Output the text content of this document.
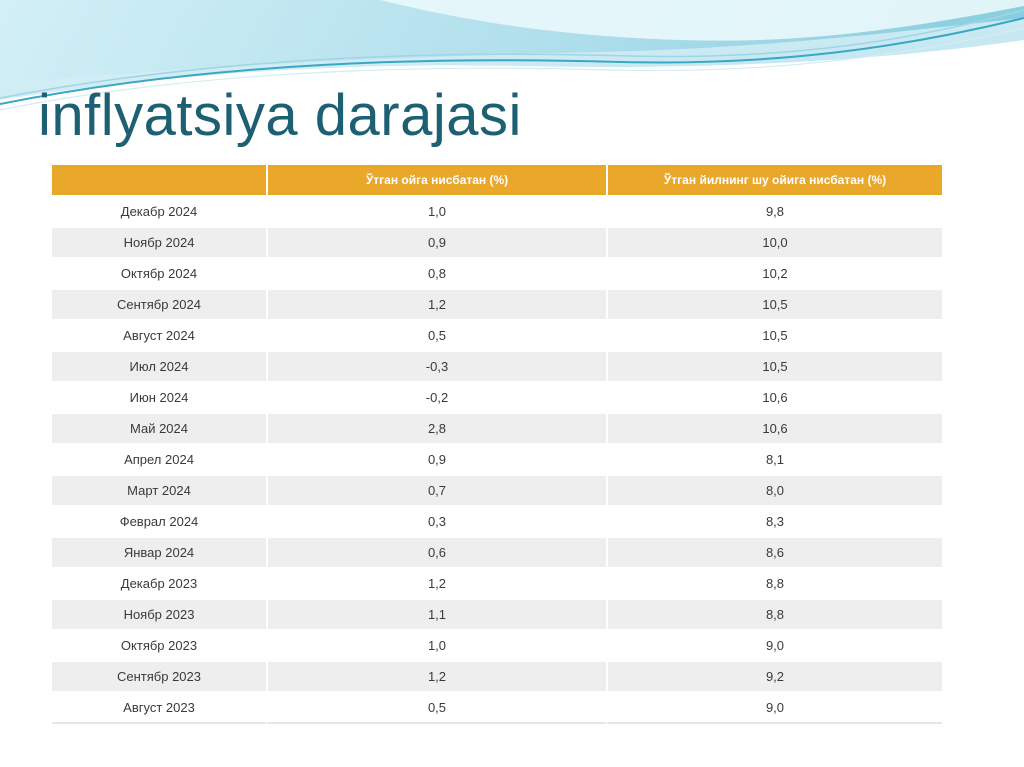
inflyatsiya darajasi
	Ўтган ойга нисбатан (%)	Ўтган йилнинг шу ойига нисбатан (%)
Декабр 2024	1,0	9,8
Ноябр 2024	0,9	10,0
Октябр 2024	0,8	10,2
Сентябр 2024	1,2	10,5
Август 2024	0,5	10,5
Июл 2024	-0,3	10,5
Июн 2024	-0,2	10,6
Май 2024	2,8	10,6
Апрел 2024	0,9	8,1
Март 2024	0,7	8,0
Феврал 2024	0,3	8,3
Январ 2024	0,6	8,6
Декабр 2023	1,2	8,8
Ноябр 2023	1,1	8,8
Октябр 2023	1,0	9,0
Сентябр 2023	1,2	9,2
Август 2023	0,5	9,0
